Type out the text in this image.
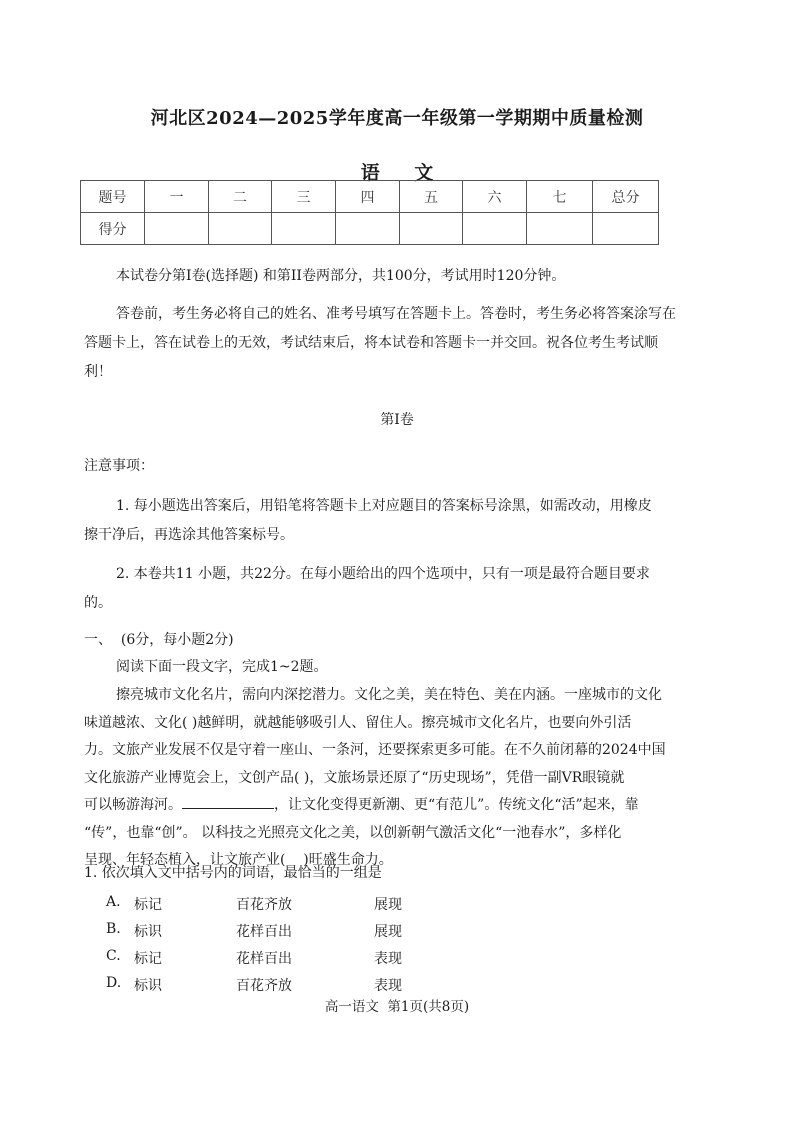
河北区2024—2025学年度高一年级第一学期期中质量检测
语 文
题号	一	二	三	四	五	六	七	总分
得分								
本试卷分第I卷(选择题) 和第II卷两部分，共100分，考试用时120分钟。
答卷前，考生务必将自己的姓名、准考号填写在答题卡上。答卷时，考生务必将答案涂写在
答题卡上，答在试卷上的无效，考试结束后，将本试卷和答题卡一并交回。祝各位考生考试顺
利！
第I卷
注意事项：
1. 每小题选出答案后，用铅笔将答题卡上对应题目的答案标号涂黑，如需改动，用橡皮
擦干净后，再选涂其他答案标号。
2. 本卷共11 小题，共22分。在每小题给出的四个选项中，只有一项是最符合题目要求
的。
一、  (6分，每小题2分)
阅读下面一段文字，完成1~2题。
擦亮城市文化名片，需向内深挖潜力。文化之美，美在特色、美在内涵。一座城市的文化
味道越浓、文化( )越鲜明，就越能够吸引人、留住人。擦亮城市文化名片，也要向外引活
力。文旅产业发展不仅是守着一座山、一条河，还要探索更多可能。在不久前闭幕的2024中国
文化旅游产业博览会上，文创产品( )，文旅场景还原了“历史现场”，凭借一副VR眼镜就
可以畅游海河。	，让文化变得更新潮、更“有范儿”。传统文化“活”起来，靠
“传”，也靠“创”。 以科技之光照亮文化之美，以创新朝气激活文化“一池春水”，多样化
呈现、年轻态植入，让文旅产业(    )旺盛生命力。
1. 依次填入文中括号内的词语，最恰当的一组是
A. 标记	百花齐放	展现
B. 标识	花样百出	展现
C. 标记	花样百出	表现
D. 标识	百花齐放	表现
高一语文  第1页(共8页)
